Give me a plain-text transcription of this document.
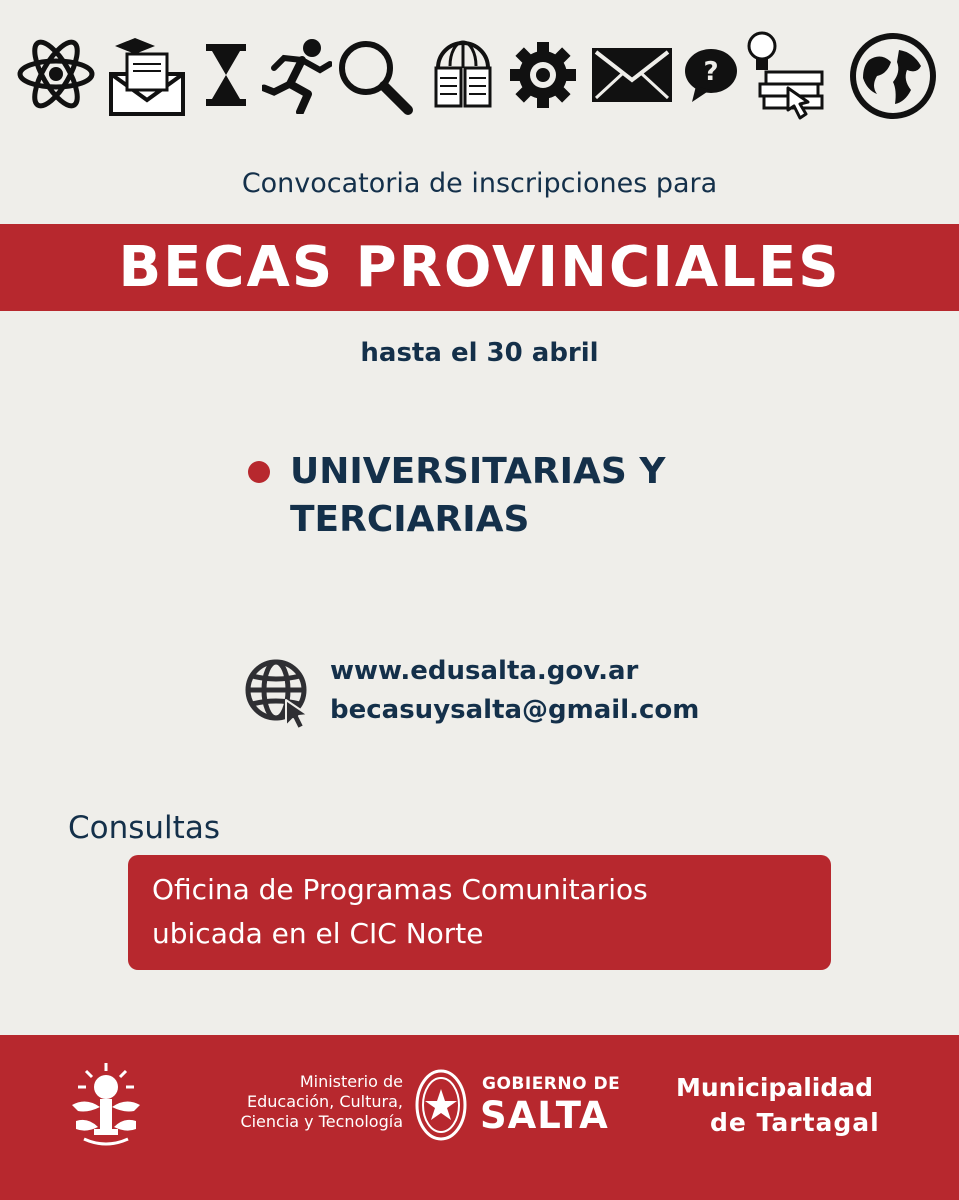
?
Convocatoria de inscripciones para
BECAS PROVINCIALES
hasta el 30 abril
UNIVERSITARIAS Y
TERCIARIAS
www.edusalta.gov.ar
becasuysalta@gmail.com
Consultas
Oficina de Programas Comunitarios
ubicada en el CIC Norte
Ministerio de
Educación, Cultura,
Ciencia y Tecnología
GOBIERNO DE
SALTA
Municipalidad
de Tartagal
